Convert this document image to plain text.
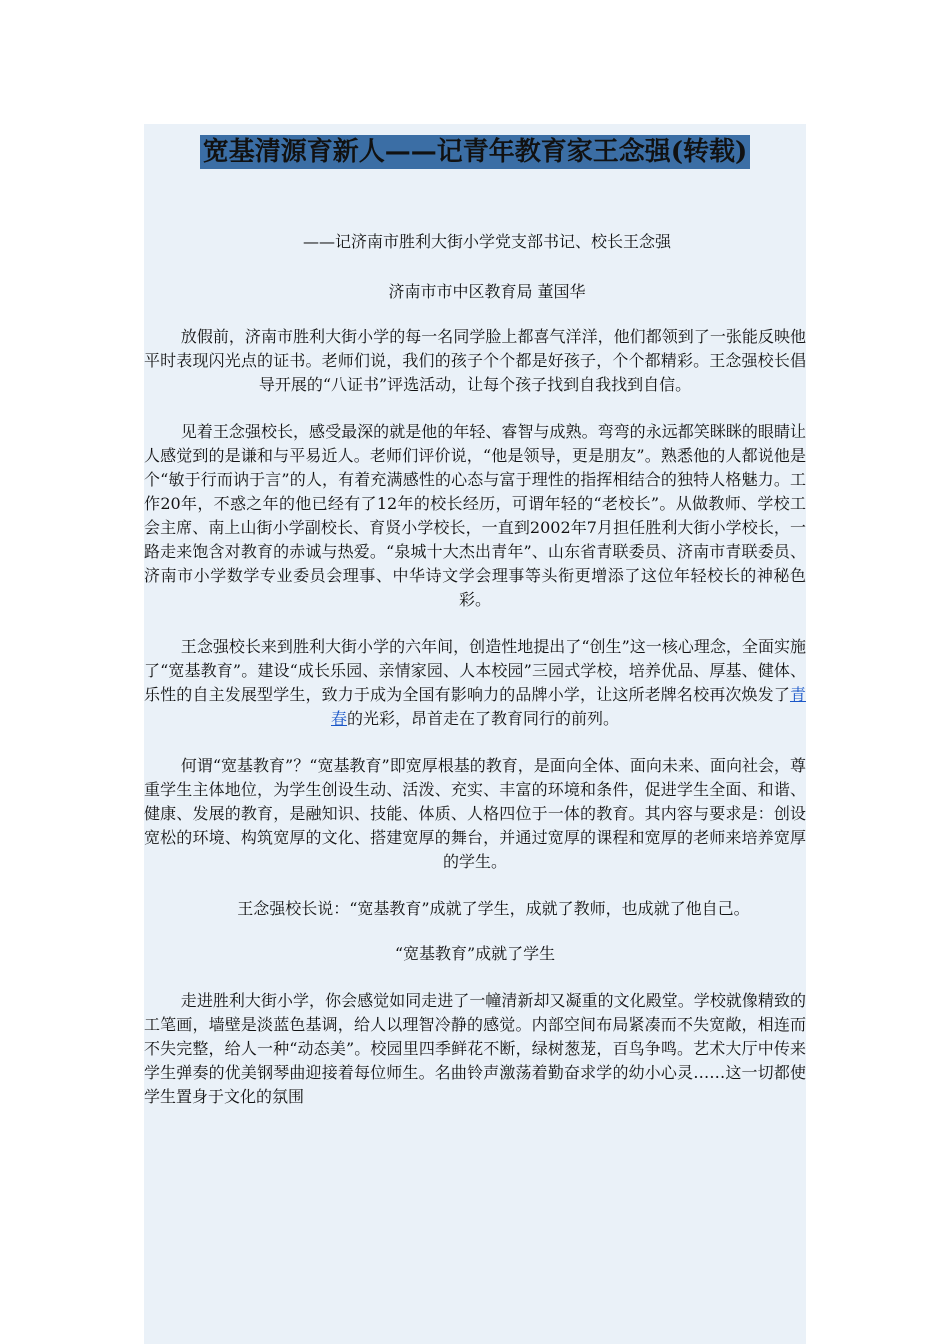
宽基清源育新人——记青年教育家王念强(转载)

——记济南市胜利大街小学党支部书记、校长王念强

济南市市中区教育局 董国华

放假前，济南市胜利大街小学的每一名同学脸上都喜气洋洋，他们都领到了一张能反映他平时表现闪光点的证书。老师们说，我们的孩子个个都是好孩子，个个都精彩。王念强校长倡导开展的“八证书”评选活动，让每个孩子找到自我找到自信。

见着王念强校长，感受最深的就是他的年轻、睿智与成熟。弯弯的永远都笑眯眯的眼睛让人感觉到的是谦和与平易近人。老师们评价说，“他是领导，更是朋友”。熟悉他的人都说他是个“敏于行而讷于言”的人，有着充满感性的心态与富于理性的指挥相结合的独特人格魅力。工作20年，不惑之年的他已经有了12年的校长经历，可谓年轻的“老校长”。从做教师、学校工会主席、南上山街小学副校长、育贤小学校长，一直到2002年7月担任胜利大街小学校长，一路走来饱含对教育的赤诚与热爱。“泉城十大杰出青年”、山东省青联委员、济南市青联委员、济南市小学数学专业委员会理事、中华诗文学会理事等头衔更增添了这位年轻校长的神秘色彩。

王念强校长来到胜利大街小学的六年间，创造性地提出了“创生”这一核心理念，全面实施了“宽基教育”。建设“成长乐园、亲情家园、人本校园”三园式学校，培养优品、厚基、健体、乐性的自主发展型学生，致力于成为全国有影响力的品牌小学，让这所老牌名校再次焕发了青春的光彩，昂首走在了教育同行的前列。

何谓“宽基教育”？“宽基教育”即宽厚根基的教育，是面向全体、面向未来、面向社会，尊重学生主体地位，为学生创设生动、活泼、充实、丰富的环境和条件，促进学生全面、和谐、健康、发展的教育，是融知识、技能、体质、人格四位于一体的教育。其内容与要求是：创设宽松的环境、构筑宽厚的文化、搭建宽厚的舞台，并通过宽厚的课程和宽厚的老师来培养宽厚的学生。

王念强校长说：“宽基教育”成就了学生，成就了教师，也成就了他自己。

“宽基教育”成就了学生

走进胜利大街小学，你会感觉如同走进了一幢清新却又凝重的文化殿堂。学校就像精致的工笔画，墙壁是淡蓝色基调，给人以理智冷静的感觉。内部空间布局紧凑而不失宽敞，相连而不失完整，给人一种“动态美”。校园里四季鲜花不断，绿树葱茏，百鸟争鸣。艺术大厅中传来学生弹奏的优美钢琴曲迎接着每位师生。名曲铃声激荡着勤奋求学的幼小心灵……这一切都使学生置身于文化的氛围
